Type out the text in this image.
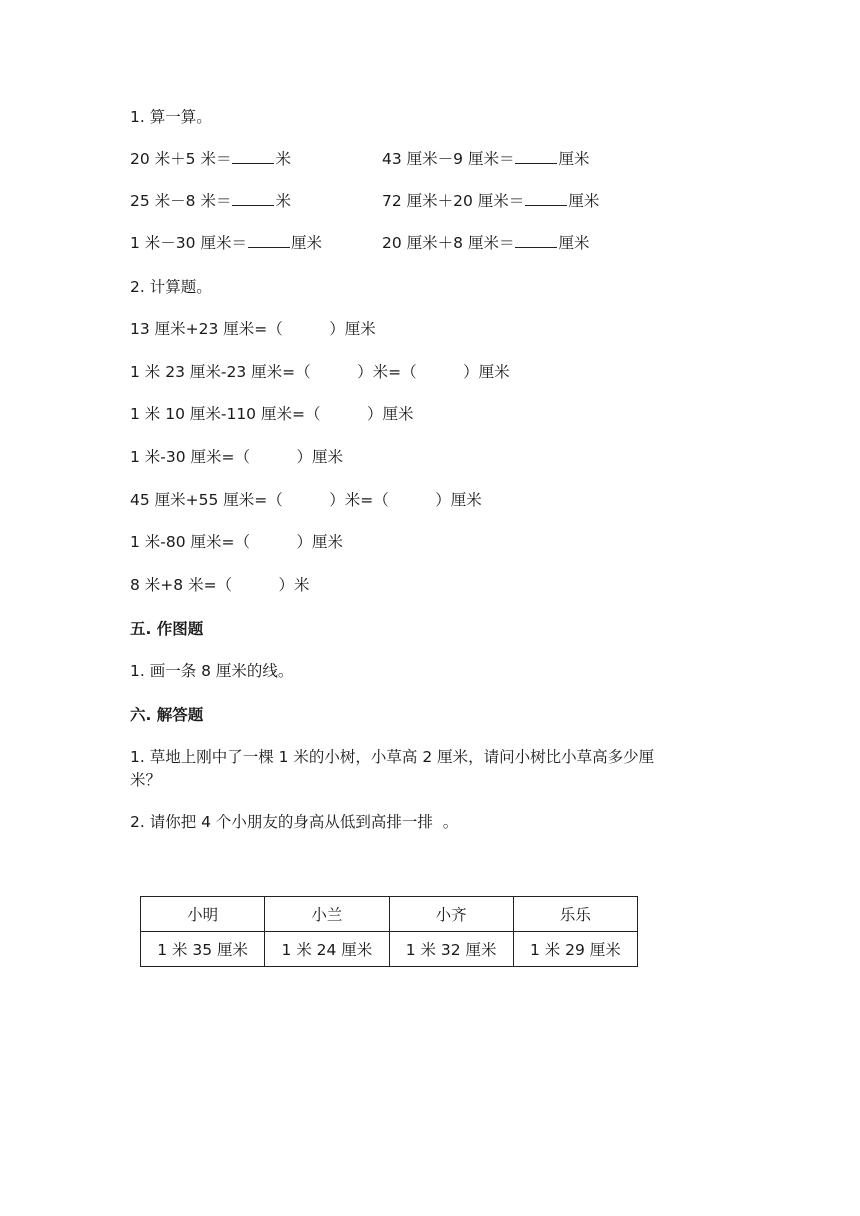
1. 算一算。
20 米＋5 米＝	米	43 厘米－9 厘米＝	厘米
25 米－8 米＝	米	72 厘米＋20 厘米＝	厘米
1 米－30 厘米＝	厘米	20 厘米＋8 厘米＝	厘米
2. 计算题。
13 厘米+23 厘米=（　　　）厘米
1 米 23 厘米-23 厘米=（　　　）米=（　　　）厘米
1 米 10 厘米-110 厘米=（　　　）厘米
1 米-30 厘米=（　　　）厘米
45 厘米+55 厘米=（　　　）米=（　　　）厘米
1 米-80 厘米=（　　　）厘米
8 米+8 米=（　　　）米
五. 作图题
1. 画一条 8 厘米的线。
六. 解答题
1. 草地上刚中了一棵 1 米的小树，小草高 2 厘米，请问小树比小草高多少厘
米？
2. 请你把 4 个小朋友的身高从低到高排一排  。
小明	小兰	小齐	乐乐
1 米 35 厘米	1 米 24 厘米	1 米 32 厘米	1 米 29 厘米
